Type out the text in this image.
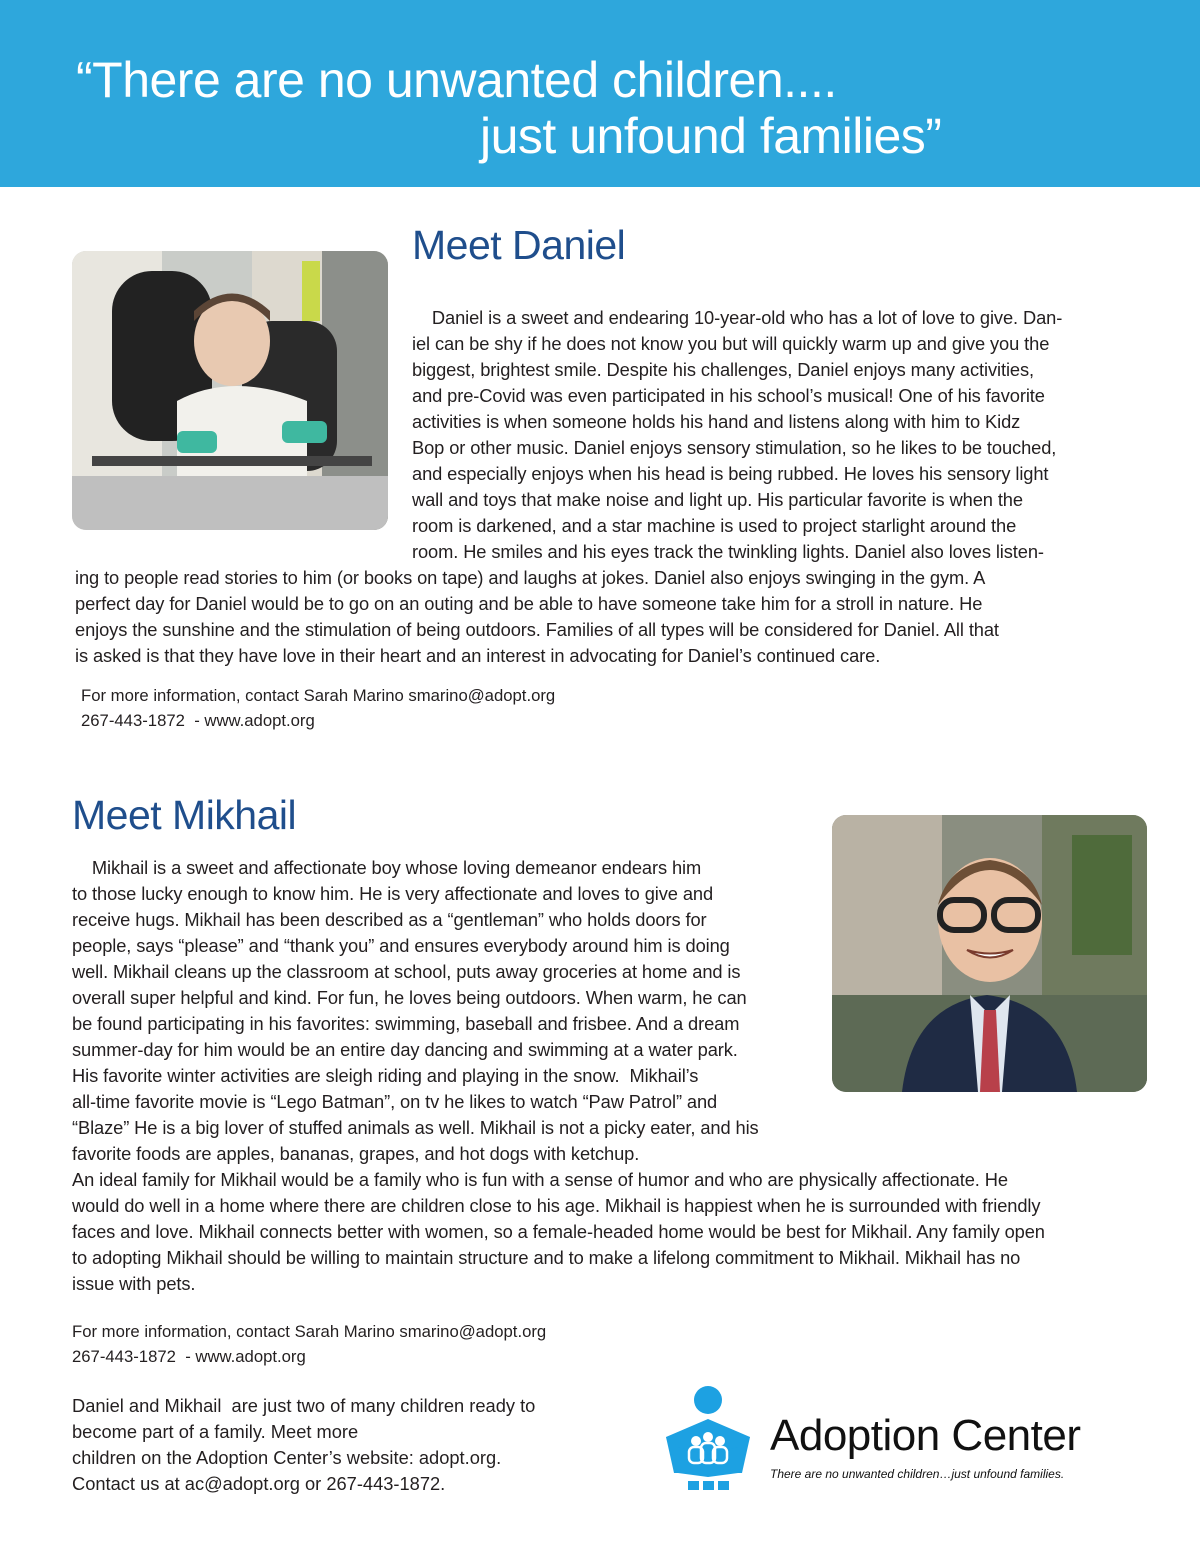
“There are no unwanted children....
just unfound families”
Meet Daniel
Daniel is a sweet and endearing 10-year-old who has a lot of love to give. Dan-
iel can be shy if he does not know you but will quickly warm up and give you the
biggest, brightest smile. Despite his challenges, Daniel enjoys many activities,
and pre-Covid was even participated in his school’s musical! One of his favorite
activities is when someone holds his hand and listens along with him to Kidz
Bop or other music. Daniel enjoys sensory stimulation, so he likes to be touched,
and especially enjoys when his head is being rubbed. He loves his sensory light
wall and toys that make noise and light up. His particular favorite is when the
room is darkened, and a star machine is used to project starlight around the
room. He smiles and his eyes track the twinkling lights. Daniel also loves listen-
ing to people read stories to him (or books on tape) and laughs at jokes. Daniel also enjoys swinging in the gym. A
perfect day for Daniel would be to go on an outing and be able to have someone take him for a stroll in nature. He
enjoys the sunshine and the stimulation of being outdoors. Families of all types will be considered for Daniel. All that
is asked is that they have love in their heart and an interest in advocating for Daniel’s continued care.
For more information, contact Sarah Marino smarino@adopt.org
267-443-1872  - www.adopt.org
Meet Mikhail
Mikhail is a sweet and affectionate boy whose loving demeanor endears him
to those lucky enough to know him. He is very affectionate and loves to give and
receive hugs. Mikhail has been described as a “gentleman” who holds doors for
people, says “please” and “thank you” and ensures everybody around him is doing
well. Mikhail cleans up the classroom at school, puts away groceries at home and is
overall super helpful and kind. For fun, he loves being outdoors. When warm, he can
be found participating in his favorites: swimming, baseball and frisbee. And a dream
summer-day for him would be an entire day dancing and swimming at a water park.
His favorite winter activities are sleigh riding and playing in the snow.  Mikhail’s
all-time favorite movie is “Lego Batman”, on tv he likes to watch “Paw Patrol” and
“Blaze” He is a big lover of stuffed animals as well. Mikhail is not a picky eater, and his
favorite foods are apples, bananas, grapes, and hot dogs with ketchup.
An ideal family for Mikhail would be a family who is fun with a sense of humor and who are physically affectionate. He
would do well in a home where there are children close to his age. Mikhail is happiest when he is surrounded with friendly
faces and love. Mikhail connects better with women, so a female-headed home would be best for Mikhail. Any family open
to adopting Mikhail should be willing to maintain structure and to make a lifelong commitment to Mikhail. Mikhail has no
issue with pets.
For more information, contact Sarah Marino smarino@adopt.org
267-443-1872  - www.adopt.org
Daniel and Mikhail  are just two of many children ready to
become part of a family. Meet more
children on the Adoption Center’s website: adopt.org.
Contact us at ac@adopt.org or 267-443-1872.
Adoption Center
There are no unwanted children…just unfound families.
